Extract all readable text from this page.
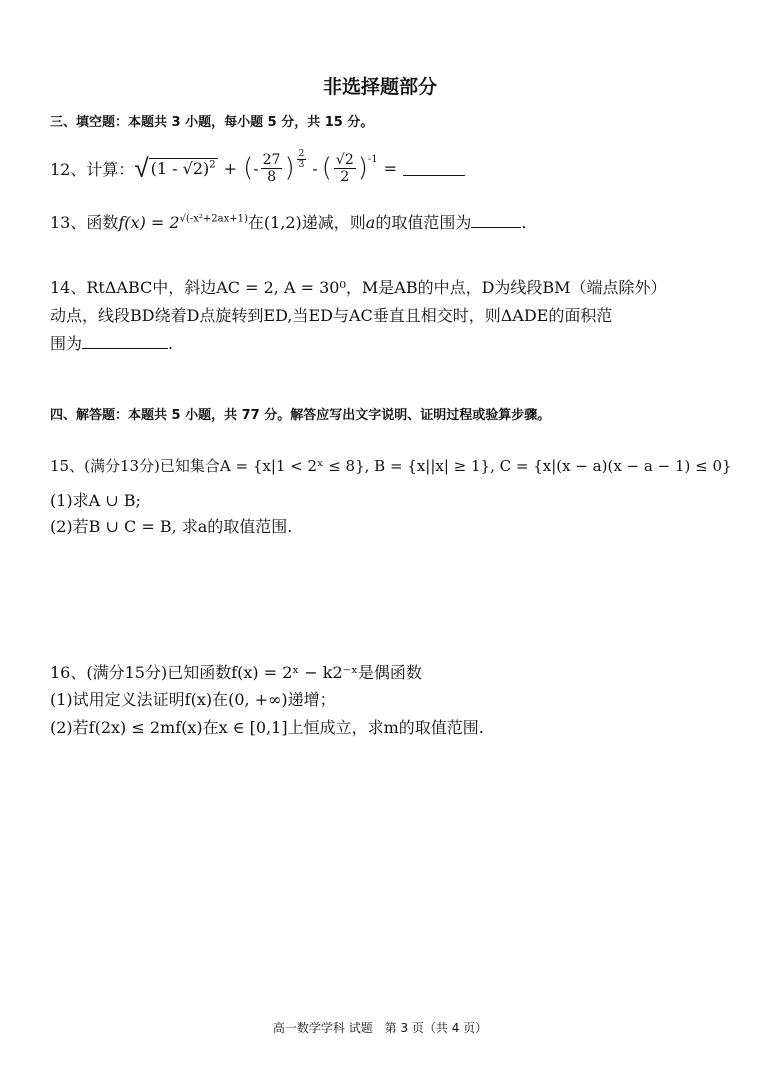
非选择题部分
三、填空题：本题共 3 小题，每小题 5 分，共 15 分。
12、计算： √ (1 - √2)$^2$ + ( - $\frac{27}{8}$ ) $\frac{2}{3}$ - ( $\frac{√2}{2}$ ) -1 =
13、函数$f(x) = 2^{√(-x^2+2ax+1)}$在(1,2)递减，则a的取值范围为	.
14、RtΔABC中，斜边AC = 2, A = 30⁰，M是AB的中点，D为线段BM（端点除外）
动点，线段BD绕着D点旋转到ED,当ED与AC垂直且相交时，则ΔADE的面积范
围为	.
四、解答题：本题共 5 小题，共 77 分。解答应写出文字说明、证明过程或验算步骤。
15、(满分13分)已知集合A = {x|1 < 2ˣ ≤ 8}, B = {x||x| ≥ 1}, C = {x|(x − a)(x − a − 1) ≤ 0}
(1)求A ∪ B;
(2)若B ∪ C = B, 求a的取值范围.
16、(满分15分)已知函数f(x) = 2ˣ − k2⁻ˣ是偶函数
(1)试用定义法证明f(x)在(0, +∞)递增；
(2)若f(2x) ≤ 2mf(x)在x ∈ [0,1]上恒成立，求m的取值范围.
高一数学学科 试题　第 3 页（共 4 页）
